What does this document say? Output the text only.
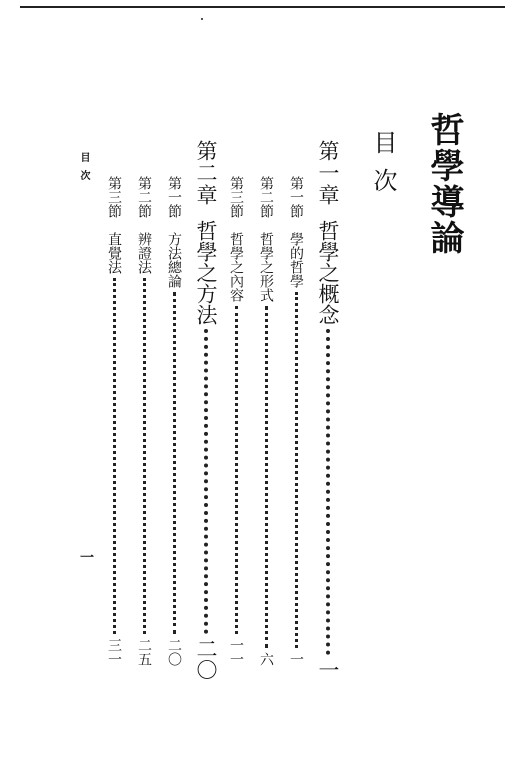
哲學導論
目次
第一章
哲學之概念
一
第一節
學的哲學
一
第二節
哲學之形式
六
第三節
哲學之內容
一一
第二章
哲學之方法
二〇
第一節
方法總論
二〇
第二節
辨證法
二五
第三節
直覺法
三一
目次
一
